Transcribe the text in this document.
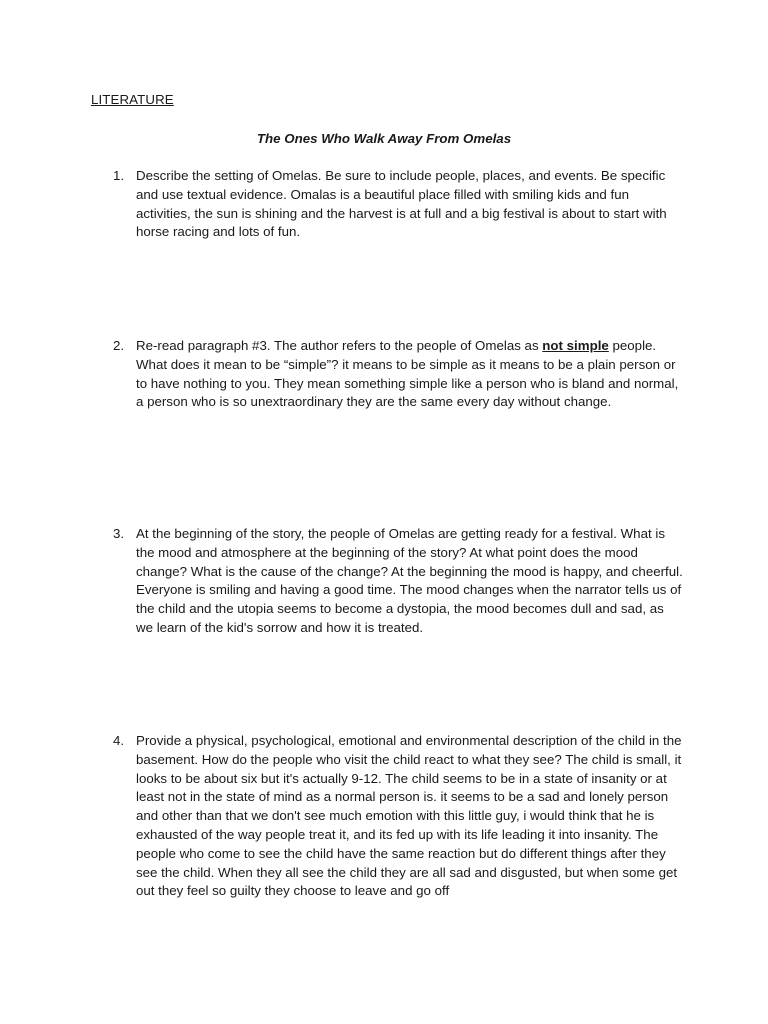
LITERATURE
The Ones Who Walk Away From Omelas
1. Describe the setting of Omelas. Be sure to include people, places, and events. Be specific and use textual evidence. Omalas is a beautiful place filled with smiling kids and fun activities, the sun is shining and the harvest is at full and a big festival is about to start with horse racing and lots of fun.
2. Re-read paragraph #3. The author refers to the people of Omelas as not simple people. What does it mean to be “simple”? it means to be simple as it means to be a plain person or to have nothing to you. They mean something simple like a person who is bland and normal, a person who is so unextraordinary they are the same every day without change.
3. At the beginning of the story, the people of Omelas are getting ready for a festival. What is the mood and atmosphere at the beginning of the story? At what point does the mood change? What is the cause of the change? At the beginning the mood is happy, and cheerful. Everyone is smiling and having a good time. The mood changes when the narrator tells us of the child and the utopia seems to become a dystopia, the mood becomes dull and sad, as we learn of the kid's sorrow and how it is treated.
4. Provide a physical, psychological, emotional and environmental description of the child in the basement. How do the people who visit the child react to what they see? The child is small, it looks to be about six but it's actually 9-12. The child seems to be in a state of insanity or at least not in the state of mind as a normal person is. it seems to be a sad and lonely person and other than that we don't see much emotion with this little guy, i would think that he is exhausted of the way people treat it, and its fed up with its life leading it into insanity. The people who come to see the child have the same reaction but do different things after they see the child. When they all see the child they are all sad and disgusted, but when some get out they feel so guilty they choose to leave and go off
